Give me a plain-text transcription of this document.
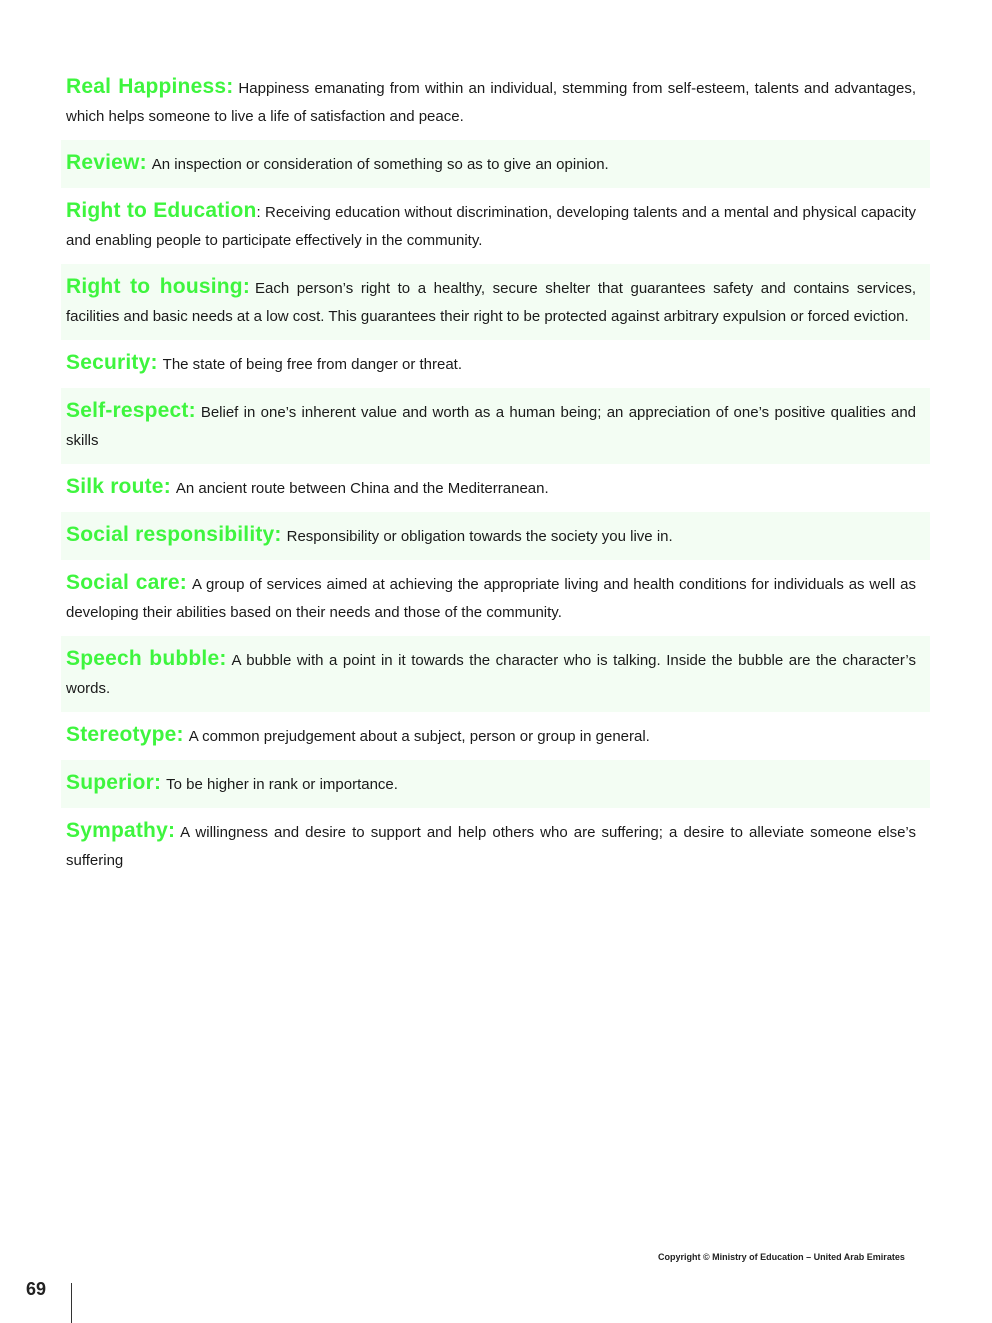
Real Happiness: Happiness emanating from within an individual, stemming from self-esteem, talents and advantages, which helps someone to live a life of satisfaction and peace.
Review: An inspection or consideration of something so as to give an opinion.
Right to Education: Receiving education without discrimination, developing talents and a mental and physical capacity and enabling people to participate effectively in the community.
Right to housing: Each person’s right to a healthy, secure shelter that guarantees safety and contains services, facilities and basic needs at a low cost. This guarantees their right to be protected against arbitrary expulsion or forced eviction.
Security: The state of being free from danger or threat.
Self-respect: Belief in one’s inherent value and worth as a human being; an appreciation of one’s positive qualities and skills
Silk route: An ancient route between China and the Mediterranean.
Social responsibility: Responsibility or obligation towards the society you live in.
Social care: A group of services aimed at achieving the appropriate living and health conditions for individuals as well as developing their abilities based on their needs and those of the community.
Speech bubble: A bubble with a point in it towards the character who is talking. Inside the bubble are the character’s words.
Stereotype: A common prejudgement about a subject, person or group in general.
Superior: To be higher in rank or importance.
Sympathy: A willingness and desire to support and help others who are suffering; a desire to alleviate someone else’s suffering
Copyright © Ministry of Education – United Arab Emirates
69
